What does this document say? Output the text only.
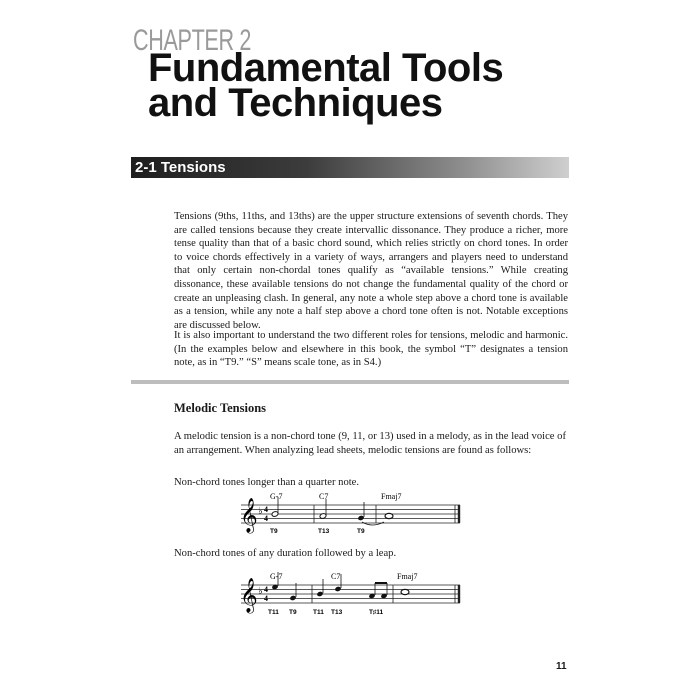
CHAPTER 2
Fundamental Tools
and Techniques
2-1 Tensions

Tensions (9ths, 11ths, and 13ths) are the upper structure extensions of seventh chords. They are called tensions because they create intervallic dissonance. They produce a richer, more tense quality than that of a basic chord sound, which relies strictly on chord tones. In order to voice chords effectively in a variety of ways, arrangers and players need to understand that only certain non-chordal tones qualify as “available tensions.” While creating dissonance, these available tensions do not change the fundamental quality of the chord or create an unpleasing clash. In general, any note a whole step above a chord tone is available as a tension, while any note a half step above a chord tone often is not. Notable exceptions are discussed below.

It is also important to understand the two different roles for tensions, melodic and harmonic. (In the examples below and elsewhere in this book, the symbol “T” designates a tension note, as in “T9.” “S” means scale tone, as in S4.)

Melodic Tensions

A melodic tension is a non-chord tone (9, 11, or 13) used in a melody, as in the lead voice of an arrangement. When analyzing lead sheets, melodic tensions are found as follows:

Non-chord tones longer than a quarter note.

𝄞 ♭ 4
4
G-7	C7	Fmaj7
T9	T13	T9

Non-chord tones of any duration followed by a leap.

𝄞 ♭ 4
4
G-7	C7	Fmaj7
T11 T9	T11 T13	T♯11
11
